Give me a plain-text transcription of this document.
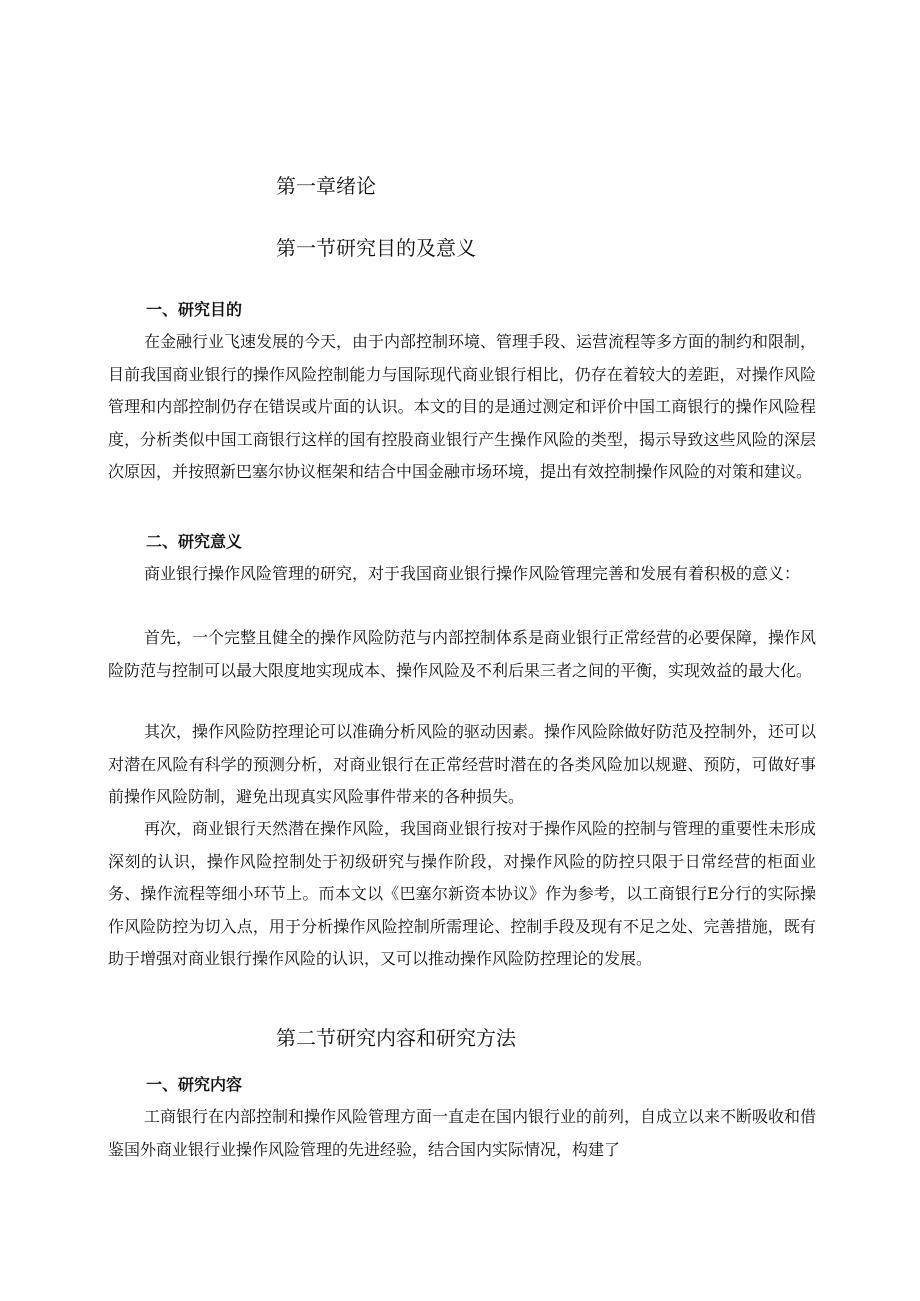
第一章绪论
第一节研究目的及意义
一、研究目的
在金融行业飞速发展的今天，由于内部控制环境、管理手段、运营流程等多方面的制约和限制，目前我国商业银行的操作风险控制能力与国际现代商业银行相比，仍存在着较大的差距，对操作风险管理和内部控制仍存在错误或片面的认识。本文的目的是通过测定和评价中国工商银行的操作风险程度，分析类似中国工商银行这样的国有控股商业银行产生操作风险的类型，揭示导致这些风险的深层次原因，并按照新巴塞尔协议框架和结合中国金融市场环境，提出有效控制操作风险的对策和建议。
二、研究意义
商业银行操作风险管理的研究，对于我国商业银行操作风险管理完善和发展有着积极的意义：
首先，一个完整且健全的操作风险防范与内部控制体系是商业银行正常经营的必要保障，操作风险防范与控制可以最大限度地实现成本、操作风险及不利后果三者之间的平衡，实现效益的最大化。
其次，操作风险防控理论可以准确分析风险的驱动因素。操作风险除做好防范及控制外，还可以对潜在风险有科学的预测分析，对商业银行在正常经营时潜在的各类风险加以规避、预防，可做好事前操作风险防制，避免出现真实风险事件带来的各种损失。
再次，商业银行天然潜在操作风险，我国商业银行按对于操作风险的控制与管理的重要性未形成深刻的认识，操作风险控制处于初级研究与操作阶段，对操作风险的防控只限于日常经营的柜面业务、操作流程等细小环节上。而本文以《巴塞尔新资本协议》作为参考，以工商银行E分行的实际操作风险防控为切入点，用于分析操作风险控制所需理论、控制手段及现有不足之处、完善措施，既有助于增强对商业银行操作风险的认识，又可以推动操作风险防控理论的发展。
第二节研究内容和研究方法
一、研究内容
工商银行在内部控制和操作风险管理方面一直走在国内银行业的前列，自成立以来不断吸收和借鉴国外商业银行业操作风险管理的先进经验，结合国内实际情况，构建了
